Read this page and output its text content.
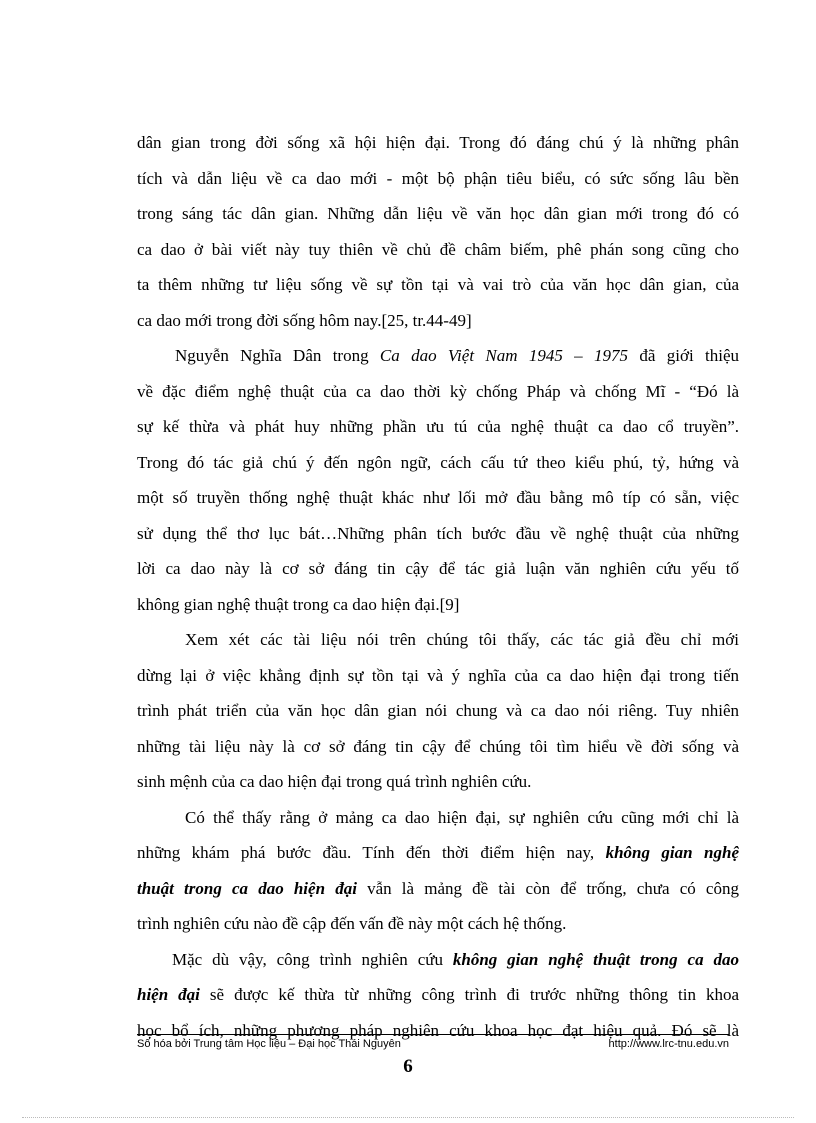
dân gian trong đời sống xã hội hiện đại. Trong đó đáng chú ý là những phân
tích và dẫn liệu về ca dao mới - một bộ phận tiêu biểu, có sức sống lâu bền
trong sáng tác dân gian. Những dẫn liệu về văn học dân gian mới trong đó có
ca dao ở bài viết này tuy thiên về chủ đề châm biếm, phê phán song cũng cho
ta thêm những tư liệu sống về sự tồn tại và vai trò của văn học dân gian, của
ca dao mới trong đời sống hôm nay.[25, tr.44-49]
Nguyễn Nghĩa Dân trong Ca dao Việt Nam 1945 – 1975 đã giới thiệu
về đặc điểm nghệ thuật của ca dao thời kỳ chống Pháp và chống Mĩ - “Đó là
sự kế thừa và phát huy những phần ưu tú của nghệ thuật ca dao cổ truyền”.
Trong đó tác giả chú ý đến ngôn ngữ, cách cấu tứ theo kiểu phú, tỷ, hứng và
một số truyền thống nghệ thuật khác như lối mở đầu bằng mô típ có sẵn, việc
sử dụng thể thơ lục bát…Những phân tích bước đầu về nghệ thuật của những
lời ca dao này là cơ sở đáng tin cậy để tác giả luận văn nghiên cứu yếu tố
không gian nghệ thuật trong ca dao hiện đại.[9]
Xem xét các tài liệu nói trên chúng tôi thấy, các tác giả đều chỉ mới
dừng lại ở việc khẳng định sự tồn tại và ý nghĩa của ca dao hiện đại trong tiến
trình phát triển của văn học dân gian nói chung và ca dao nói riêng. Tuy nhiên
những tài liệu này là cơ sở đáng tin cậy để chúng tôi tìm hiểu về đời sống và
sinh mệnh của ca dao hiện đại trong quá trình nghiên cứu.
Có thể thấy rằng ở mảng ca dao hiện đại, sự nghiên cứu cũng mới chỉ là
những khám phá bước đầu. Tính đến thời điểm hiện nay, không gian nghệ
thuật trong ca dao hiện đại vẫn là mảng đề tài còn để trống, chưa có công
trình nghiên cứu nào đề cập đến vấn đề này một cách hệ thống.
Mặc dù vậy, công trình nghiên cứu không gian nghệ thuật trong ca dao
hiện đại sẽ được kế thừa từ những công trình đi trước những thông tin khoa
học bổ ích, những phương pháp nghiên cứu khoa học đạt hiệu quả. Đó sẽ là
Số hóa bởi Trung tâm Học liệu – Đại học Thái Nguyên	http://www.lrc-tnu.edu.vn
6
